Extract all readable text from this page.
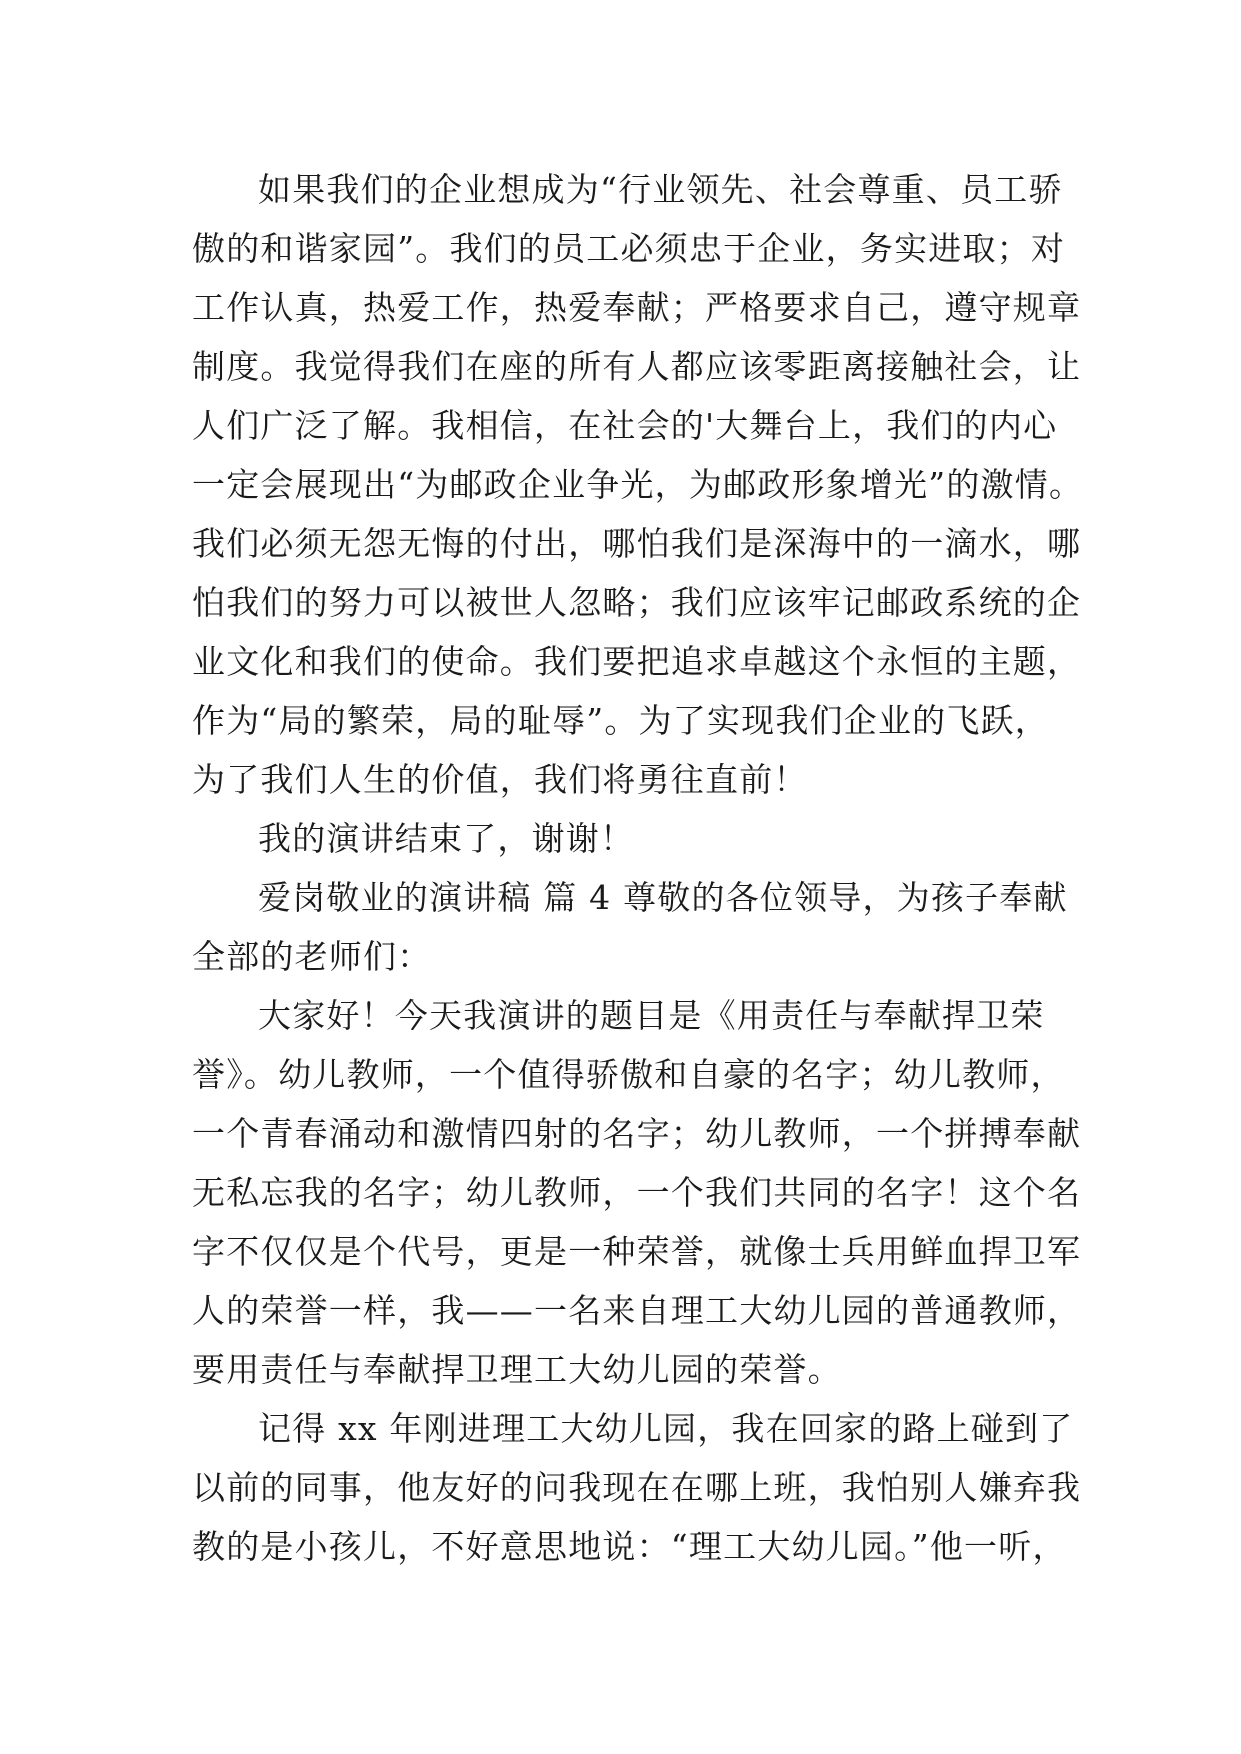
如果我们的企业想成为“行业领先、社会尊重、员工骄
傲的和谐家园”。我们的员工必须忠于企业，务实进取；对
工作认真，热爱工作，热爱奉献；严格要求自己，遵守规章
制度。我觉得我们在座的所有人都应该零距离接触社会，让
人们广泛了解。我相信，在社会的'大舞台上，我们的内心
一定会展现出“为邮政企业争光，为邮政形象增光”的激情。
我们必须无怨无悔的付出，哪怕我们是深海中的一滴水，哪
怕我们的努力可以被世人忽略；我们应该牢记邮政系统的企
业文化和我们的使命。我们要把追求卓越这个永恒的主题，
作为“局的繁荣，局的耻辱”。为了实现我们企业的飞跃，
为了我们人生的价值，我们将勇往直前！
我的演讲结束了，谢谢！
爱岗敬业的演讲稿 篇 4 尊敬的各位领导，为孩子奉献
全部的老师们：
大家好！今天我演讲的题目是《用责任与奉献捍卫荣
誉》。幼儿教师，一个值得骄傲和自豪的名字；幼儿教师，
一个青春涌动和激情四射的名字；幼儿教师，一个拼搏奉献
无私忘我的名字；幼儿教师，一个我们共同的名字！这个名
字不仅仅是个代号，更是一种荣誉，就像士兵用鲜血捍卫军
人的荣誉一样，我——一名来自理工大幼儿园的普通教师，
要用责任与奉献捍卫理工大幼儿园的荣誉。
记得 xx 年刚进理工大幼儿园，我在回家的路上碰到了
以前的同事，他友好的问我现在在哪上班，我怕别人嫌弃我
教的是小孩儿，不好意思地说：“理工大幼儿园。”他一听，
